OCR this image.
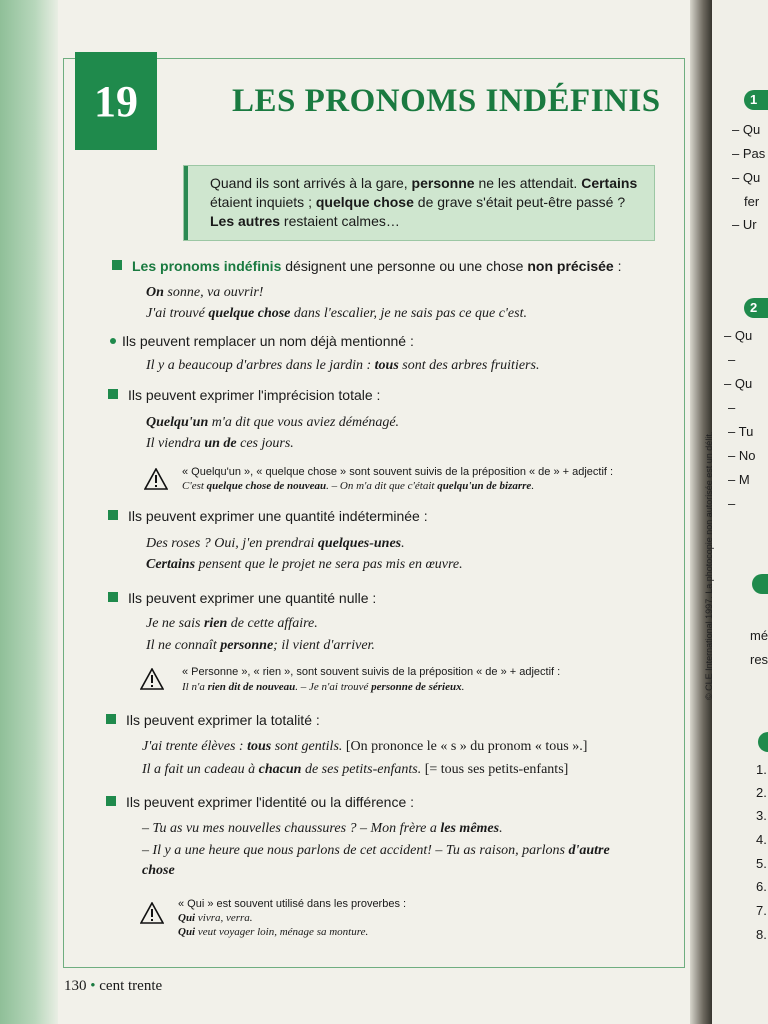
1
– Qu
– Pas
– Qu
fer
– Ur
2
– Qu
–
– Qu
–
– Tu
– No
– M
–
mé
res
1.
2.
3.
4.
5.
6.
7.
8.
19	LES PRONOMS INDÉFINIS
Quand ils sont arrivés à la gare, personne ne les attendait. Certains
étaient inquiets ; quelque chose de grave s'était peut-être passé ?
Les autres restaient calmes…
Les pronoms indéfinis désignent une personne ou une chose non précisée :
On sonne, va ouvrir!
J'ai trouvé quelque chose dans l'escalier, je ne sais pas ce que c'est.
Ils peuvent remplacer un nom déjà mentionné :
Il y a beaucoup d'arbres dans le jardin : tous sont des arbres fruitiers.
Ils peuvent exprimer l'imprécision totale :
Quelqu'un m'a dit que vous aviez déménagé.
Il viendra un de ces jours.
« Quelqu'un », « quelque chose » sont souvent suivis de la préposition « de » + adjectif :
C'est quelque chose de nouveau. – On m'a dit que c'était quelqu'un de bizarre.
Ils peuvent exprimer une quantité indéterminée :
Des roses ? Oui, j'en prendrai quelques-unes.
Certains pensent que le projet ne sera pas mis en œuvre.
Ils peuvent exprimer une quantité nulle :
Je ne sais rien de cette affaire.
Il ne connaît personne; il vient d'arriver.
« Personne », « rien », sont souvent suivis de la préposition « de » + adjectif :
Il n'a rien dit de nouveau. – Je n'ai trouvé personne de sérieux.
Ils peuvent exprimer la totalité :
J'ai trente élèves : tous sont gentils. [On prononce le « s » du pronom « tous ».]
Il a fait un cadeau à chacun de ses petits-enfants. [= tous ses petits-enfants]
Ils peuvent exprimer l'identité ou la différence :
– Tu as vu mes nouvelles chaussures ? – Mon frère a les mêmes.
– Il y a une heure que nous parlons de cet accident! – Tu as raison, parlons d'autre
chose
« Qui » est souvent utilisé dans les proverbes :
Qui vivra, verra.
Qui veut voyager loin, ménage sa monture.
130 • cent trente
© CLE International 1997. La photocopie non autorisée est un délit.
